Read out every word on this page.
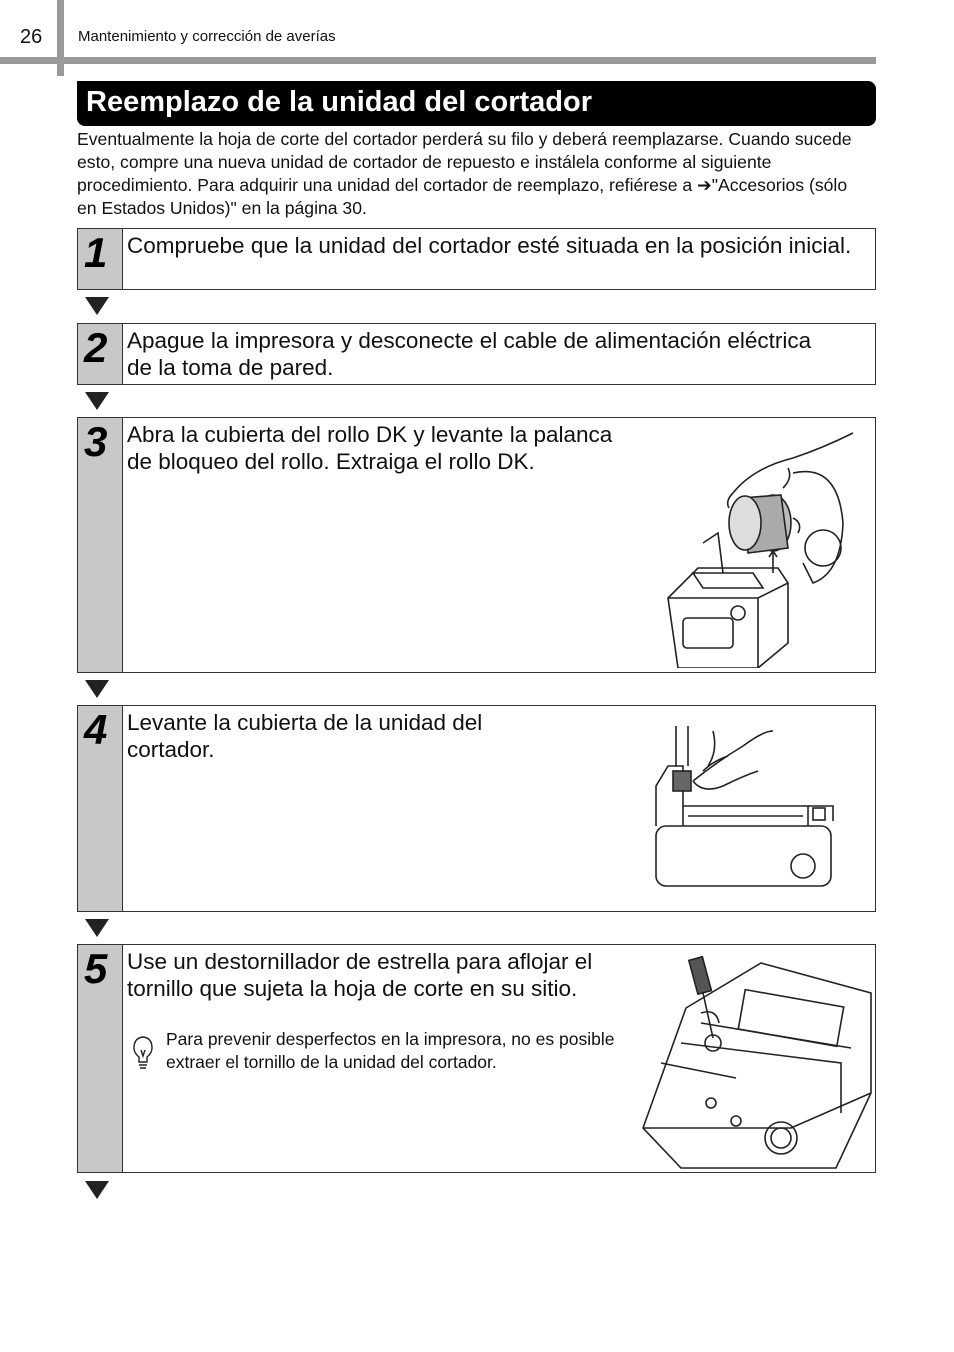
26 Mantenimiento y corrección de averías
Reemplazo de la unidad del cortador
Eventualmente la hoja de corte del cortador perderá su filo y deberá reemplazarse. Cuando sucede esto, compre una nueva unidad de cortador de repuesto e instálela conforme al siguiente procedimiento. Para adquirir una unidad del cortador de reemplazo, refiérese a ➔"Accesorios (sólo en Estados Unidos)" en la página 30.
1 Compruebe que la unidad del cortador esté situada en la posición inicial.
2 Apague la impresora y desconecte el cable de alimentación eléctrica de la toma de pared.
3 Abra la cubierta del rollo DK y levante la palanca de bloqueo del rollo. Extraiga el rollo DK.
4 Levante la cubierta de la unidad del cortador.
5 Use un destornillador de estrella para aflojar el tornillo que sujeta la hoja de corte en su sitio.
Para prevenir desperfectos en la impresora, no es posible extraer el tornillo de la unidad del cortador.
